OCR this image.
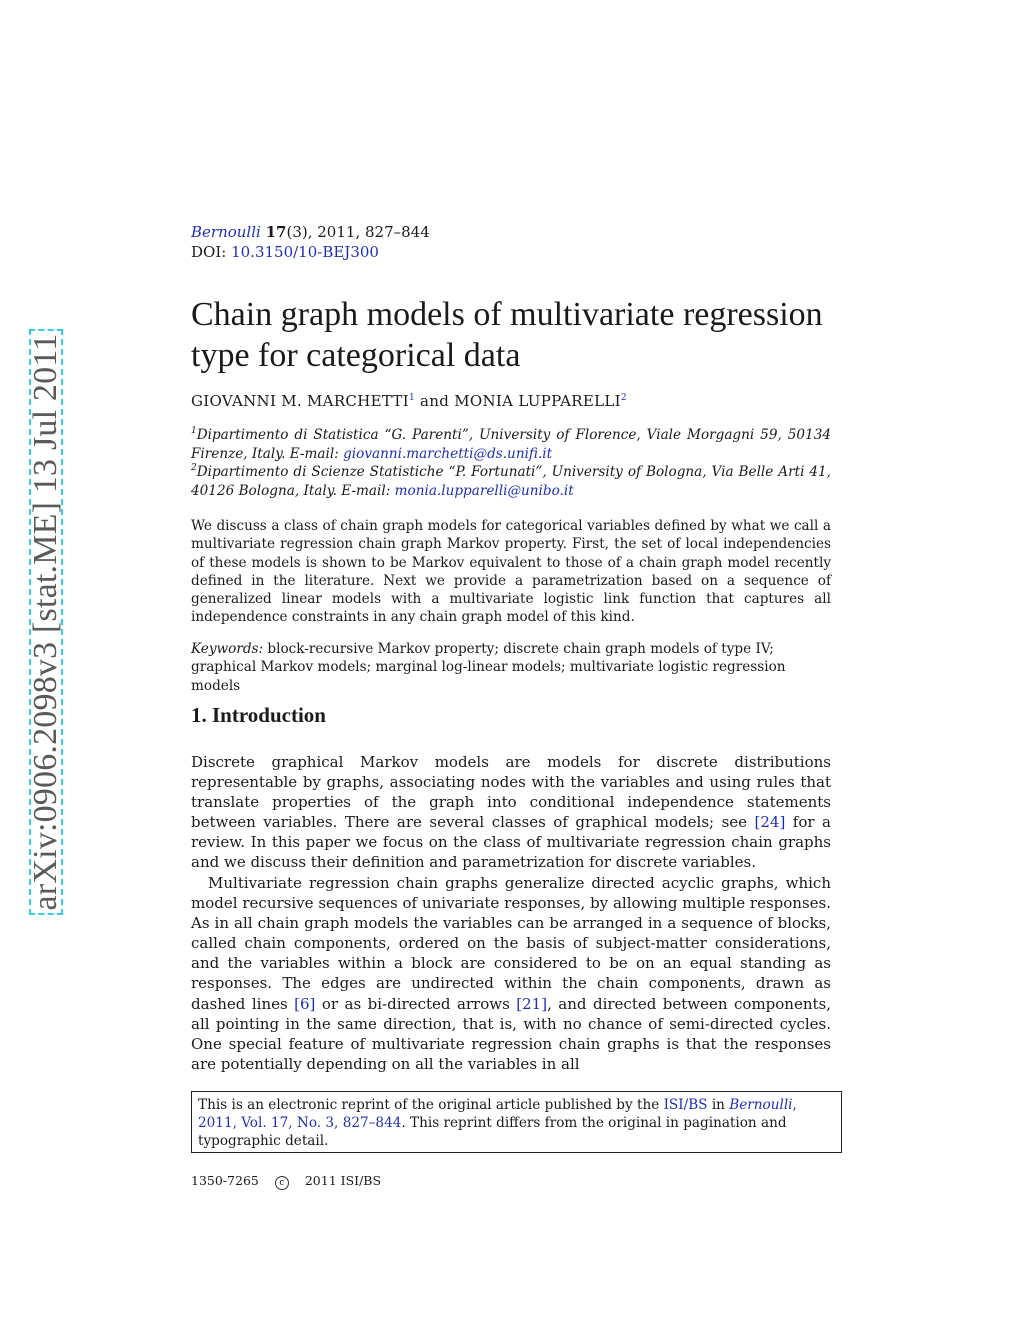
arXiv:0906.2098v3 [stat.ME] 13 Jul 2011
Bernoulli 17(3), 2011, 827–844
DOI: 10.3150/10-BEJ300
Chain graph models of multivariate regression type for categorical data
GIOVANNI M. MARCHETTI$^1$ and MONIA LUPPARELLI$^2$
$^1$Dipartimento di Statistica “G. Parenti”, University of Florence, Viale Morgagni 59, 50134 Firenze, Italy. E-mail: giovanni.marchetti@ds.unifi.it
$^2$Dipartimento di Scienze Statistiche “P. Fortunati”, University of Bologna, Via Belle Arti 41, 40126 Bologna, Italy. E-mail: monia.lupparelli@unibo.it

We discuss a class of chain graph models for categorical variables defined by what we call a multivariate regression chain graph Markov property. First, the set of local independencies of these models is shown to be Markov equivalent to those of a chain graph model recently defined in the literature. Next we provide a parametrization based on a sequence of generalized linear models with a multivariate logistic link function that captures all independence constraints in any chain graph model of this kind.

Keywords: block-recursive Markov property; discrete chain graph models of type IV; graphical Markov models; marginal log-linear models; multivariate logistic regression models

1. Introduction

Discrete graphical Markov models are models for discrete distributions representable by graphs, associating nodes with the variables and using rules that translate properties of the graph into conditional independence statements between variables. There are several classes of graphical models; see [24] for a review. In this paper we focus on the class of multivariate regression chain graphs and we discuss their definition and parametrization for discrete variables.

Multivariate regression chain graphs generalize directed acyclic graphs, which model recursive sequences of univariate responses, by allowing multiple responses. As in all chain graph models the variables can be arranged in a sequence of blocks, called chain components, ordered on the basis of subject-matter considerations, and the variables within a block are considered to be on an equal standing as responses. The edges are undirected within the chain components, drawn as dashed lines [6] or as bi-directed arrows [21], and directed between components, all pointing in the same direction, that is, with no chance of semi-directed cycles. One special feature of multivariate regression chain graphs is that the responses are potentially depending on all the variables in all

This is an electronic reprint of the original article published by the ISI/BS in Bernoulli, 2011, Vol. 17, No. 3, 827–844. This reprint differs from the original in pagination and typographic detail.
1350-7265 c 2011 ISI/BS
